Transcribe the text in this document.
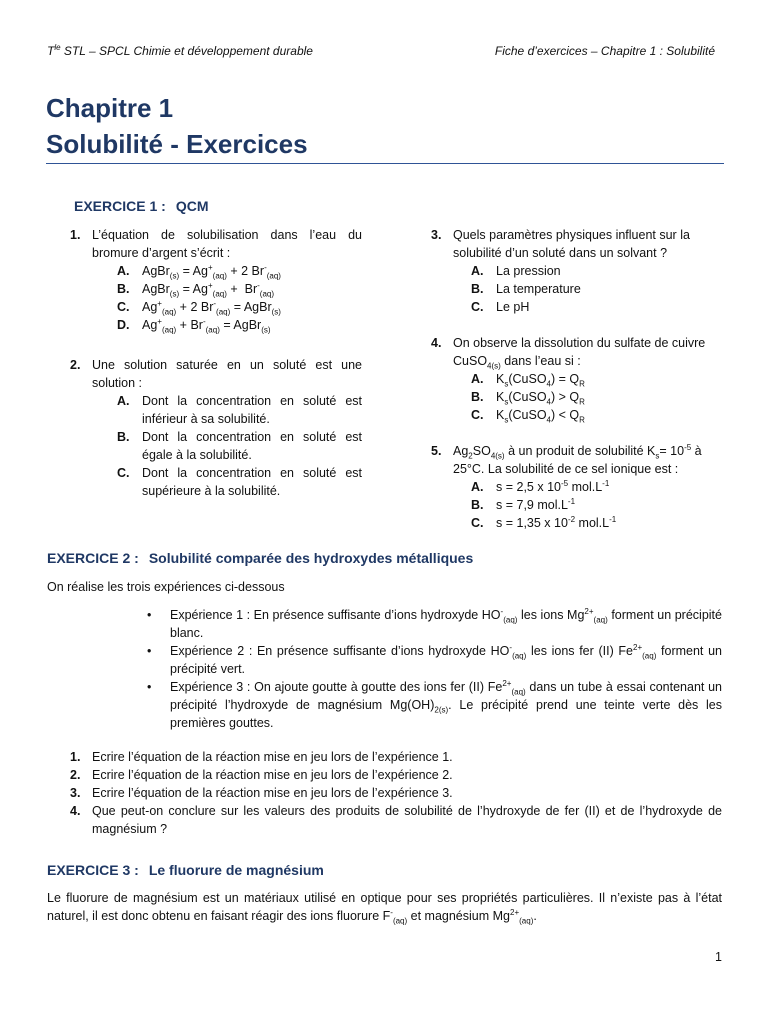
$T^{le}$ STL – SPCL Chimie et développement durable	Fiche d’exercices – Chapitre 1 : Solubilité
Chapitre 1
Solubilité - Exercices
EXERCICE 1 : QCM
1. L’équation de solubilisation dans l’eau du bromure d’argent s’écrit :
A.	AgBr$_{(s)}$ = $Ag^+_{(aq)} + 2$ $Br^-_{(aq)}$
B.	AgBr$_{(s)}$ = $Ag^+_{(aq)} + Br^-_{(aq)}$
C.	$Ag^+_{(aq)} + 2$ $Br^-_{(aq)}$ = AgBr$_{(s)}$
D.	$Ag^+_{(aq)} + Br^-_{(aq)}$ = AgBr$_{(s)}$
2. Une solution saturée en un soluté est une solution :
A.	Dont la concentration en soluté est inférieur à sa solubilité.
B.	Dont la concentration en soluté est égale à la solubilité.
C.	Dont la concentration en soluté est supérieure à la solubilité.
3. Quels paramètres physiques influent sur la solubilité d’un soluté dans un solvant ?
A.	La pression
B.	La temperature
C.	Le pH
4. On observe la dissolution du sulfate de cuivre
CuSO$_{4(s)}$ dans l’eau si :
A.	$K_s(CuSO_4) = Q_R$
B.	$K_s(CuSO_4) > Q_R$
C.	$K_s(CuSO_4) < Q_R$
5. $Ag_2SO_{4(s)}$ à un produit de solubilité $K_s= 10^{-5}$ à 25°C. La solubilité de ce sel ionique est :
A.	s = 2,5 x $10^{-5}$ $mol.L^{-1}$
B.	s = 7,9 $mol.L^{-1}$
C.	s = 1,35 x $10^{-2}$ $mol.L^{-1}$
EXERCICE 2 : Solubilité comparée des hydroxydes métalliques
On réalise les trois expériences ci-dessous
•	Expérience 1 : En présence suffisante d’ions hydroxyde $HO^-_{(aq)}$ les ions $Mg^{2+}_{(aq)}$ forment un précipité blanc.
•	Expérience 2 : En présence suffisante d’ions hydroxyde $HO^-_{(aq)}$ les ions fer (II) $Fe^{2+}_{(aq)}$ forment un précipité vert.
•	Expérience 3 : On ajoute goutte à goutte des ions fer (II) $Fe^{2+}_{(aq)}$ dans un tube à essai contenant un précipité l’hydroxyde de magnésium $Mg(OH)_{2(s)}$. Le précipité prend une teinte verte dès les premières gouttes.
1. Ecrire l’équation de la réaction mise en jeu lors de l’expérience 1.
2. Ecrire l’équation de la réaction mise en jeu lors de l’expérience 2.
3. Ecrire l’équation de la réaction mise en jeu lors de l’expérience 3.
4. Que peut-on conclure sur les valeurs des produits de solubilité de l’hydroxyde de fer (II) et de l’hydroxyde de magnésium ?
EXERCICE 3 : Le fluorure de magnésium
Le fluorure de magnésium est un matériaux utilisé en optique pour ses propriétés particulières. Il n’existe pas à l’état naturel, il est donc obtenu en faisant réagir des ions fluorure $F^-_{(aq)}$ et magnésium $Mg^{2+}_{(aq)}$.
1
